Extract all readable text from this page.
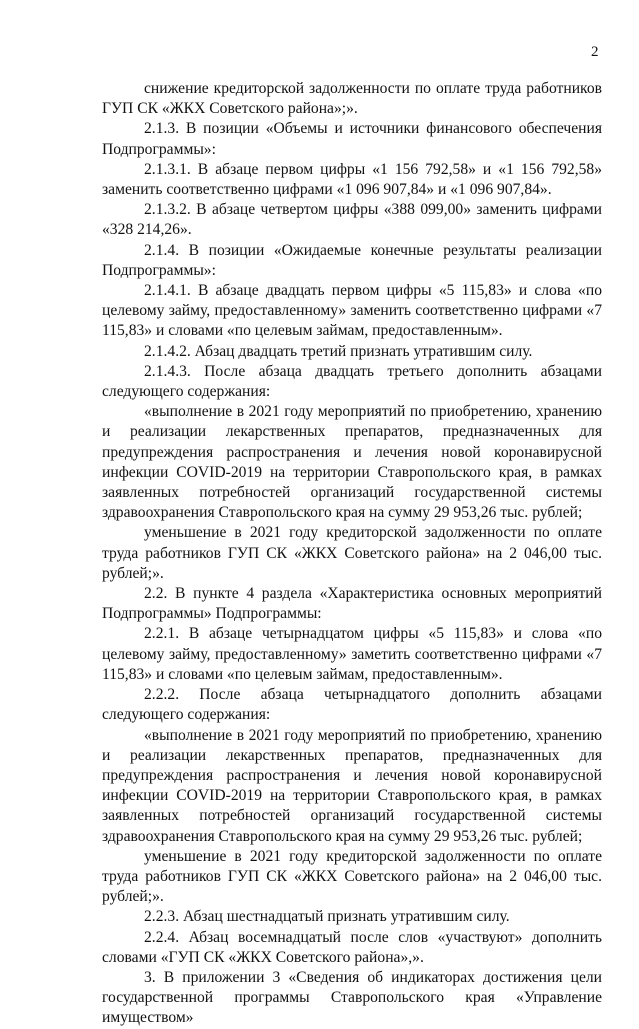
2

снижение кредиторской задолженности по оплате труда работников ГУП СК «ЖКХ Советского района»;».

2.1.3. В позиции «Объемы и источники финансового обеспечения Подпрограммы»:

2.1.3.1. В абзаце первом цифры «1 156 792,58» и «1 156 792,58» заменить соответственно цифрами «1 096 907,84» и «1 096 907,84».

2.1.3.2. В абзаце четвертом цифры «388 099,00» заменить цифрами «328 214,26».

2.1.4. В позиции «Ожидаемые конечные результаты реализации Подпрограммы»:

2.1.4.1. В абзаце двадцать первом цифры «5 115,83» и слова «по целевому займу, предоставленному» заменить соответственно цифрами «7 115,83» и словами «по целевым займам, предоставленным».

2.1.4.2. Абзац двадцать третий признать утратившим силу.

2.1.4.3. После абзаца двадцать третьего дополнить абзацами следующего содержания:

«выполнение в 2021 году мероприятий по приобретению, хранению и реализации лекарственных препаратов, предназначенных для предупреждения распространения и лечения новой коронавирусной инфекции COVID-2019 на территории Ставропольского края, в рамках заявленных потребностей организаций государственной системы здравоохранения Ставропольского края на сумму 29 953,26 тыс. рублей;

уменьшение в 2021 году кредиторской задолженности по оплате труда работников ГУП СК «ЖКХ Советского района» на 2 046,00 тыс. рублей;».

2.2. В пункте 4 раздела «Характеристика основных мероприятий Подпрограммы» Подпрограммы:

2.2.1. В абзаце четырнадцатом цифры «5 115,83» и слова «по целевому займу, предоставленному» заметить соответственно цифрами «7 115,83» и словами «по целевым займам, предоставленным».

2.2.2. После абзаца четырнадцатого дополнить абзацами следующего содержания:

«выполнение в 2021 году мероприятий по приобретению, хранению и реализации лекарственных препаратов, предназначенных для предупреждения распространения и лечения новой коронавирусной инфекции COVID-2019 на территории Ставропольского края, в рамках заявленных потребностей организаций государственной системы здравоохранения Ставропольского края на сумму 29 953,26 тыс. рублей;

уменьшение в 2021 году кредиторской задолженности по оплате труда работников ГУП СК «ЖКХ Советского района» на 2 046,00 тыс. рублей;».

2.2.3. Абзац шестнадцатый признать утратившим силу.

2.2.4. Абзац восемнадцатый после слов «участвуют» дополнить словами «ГУП СК «ЖКХ Советского района»,».

3. В приложении 3 «Сведения об индикаторах достижения цели государственной программы Ставропольского края «Управление имуществом»
